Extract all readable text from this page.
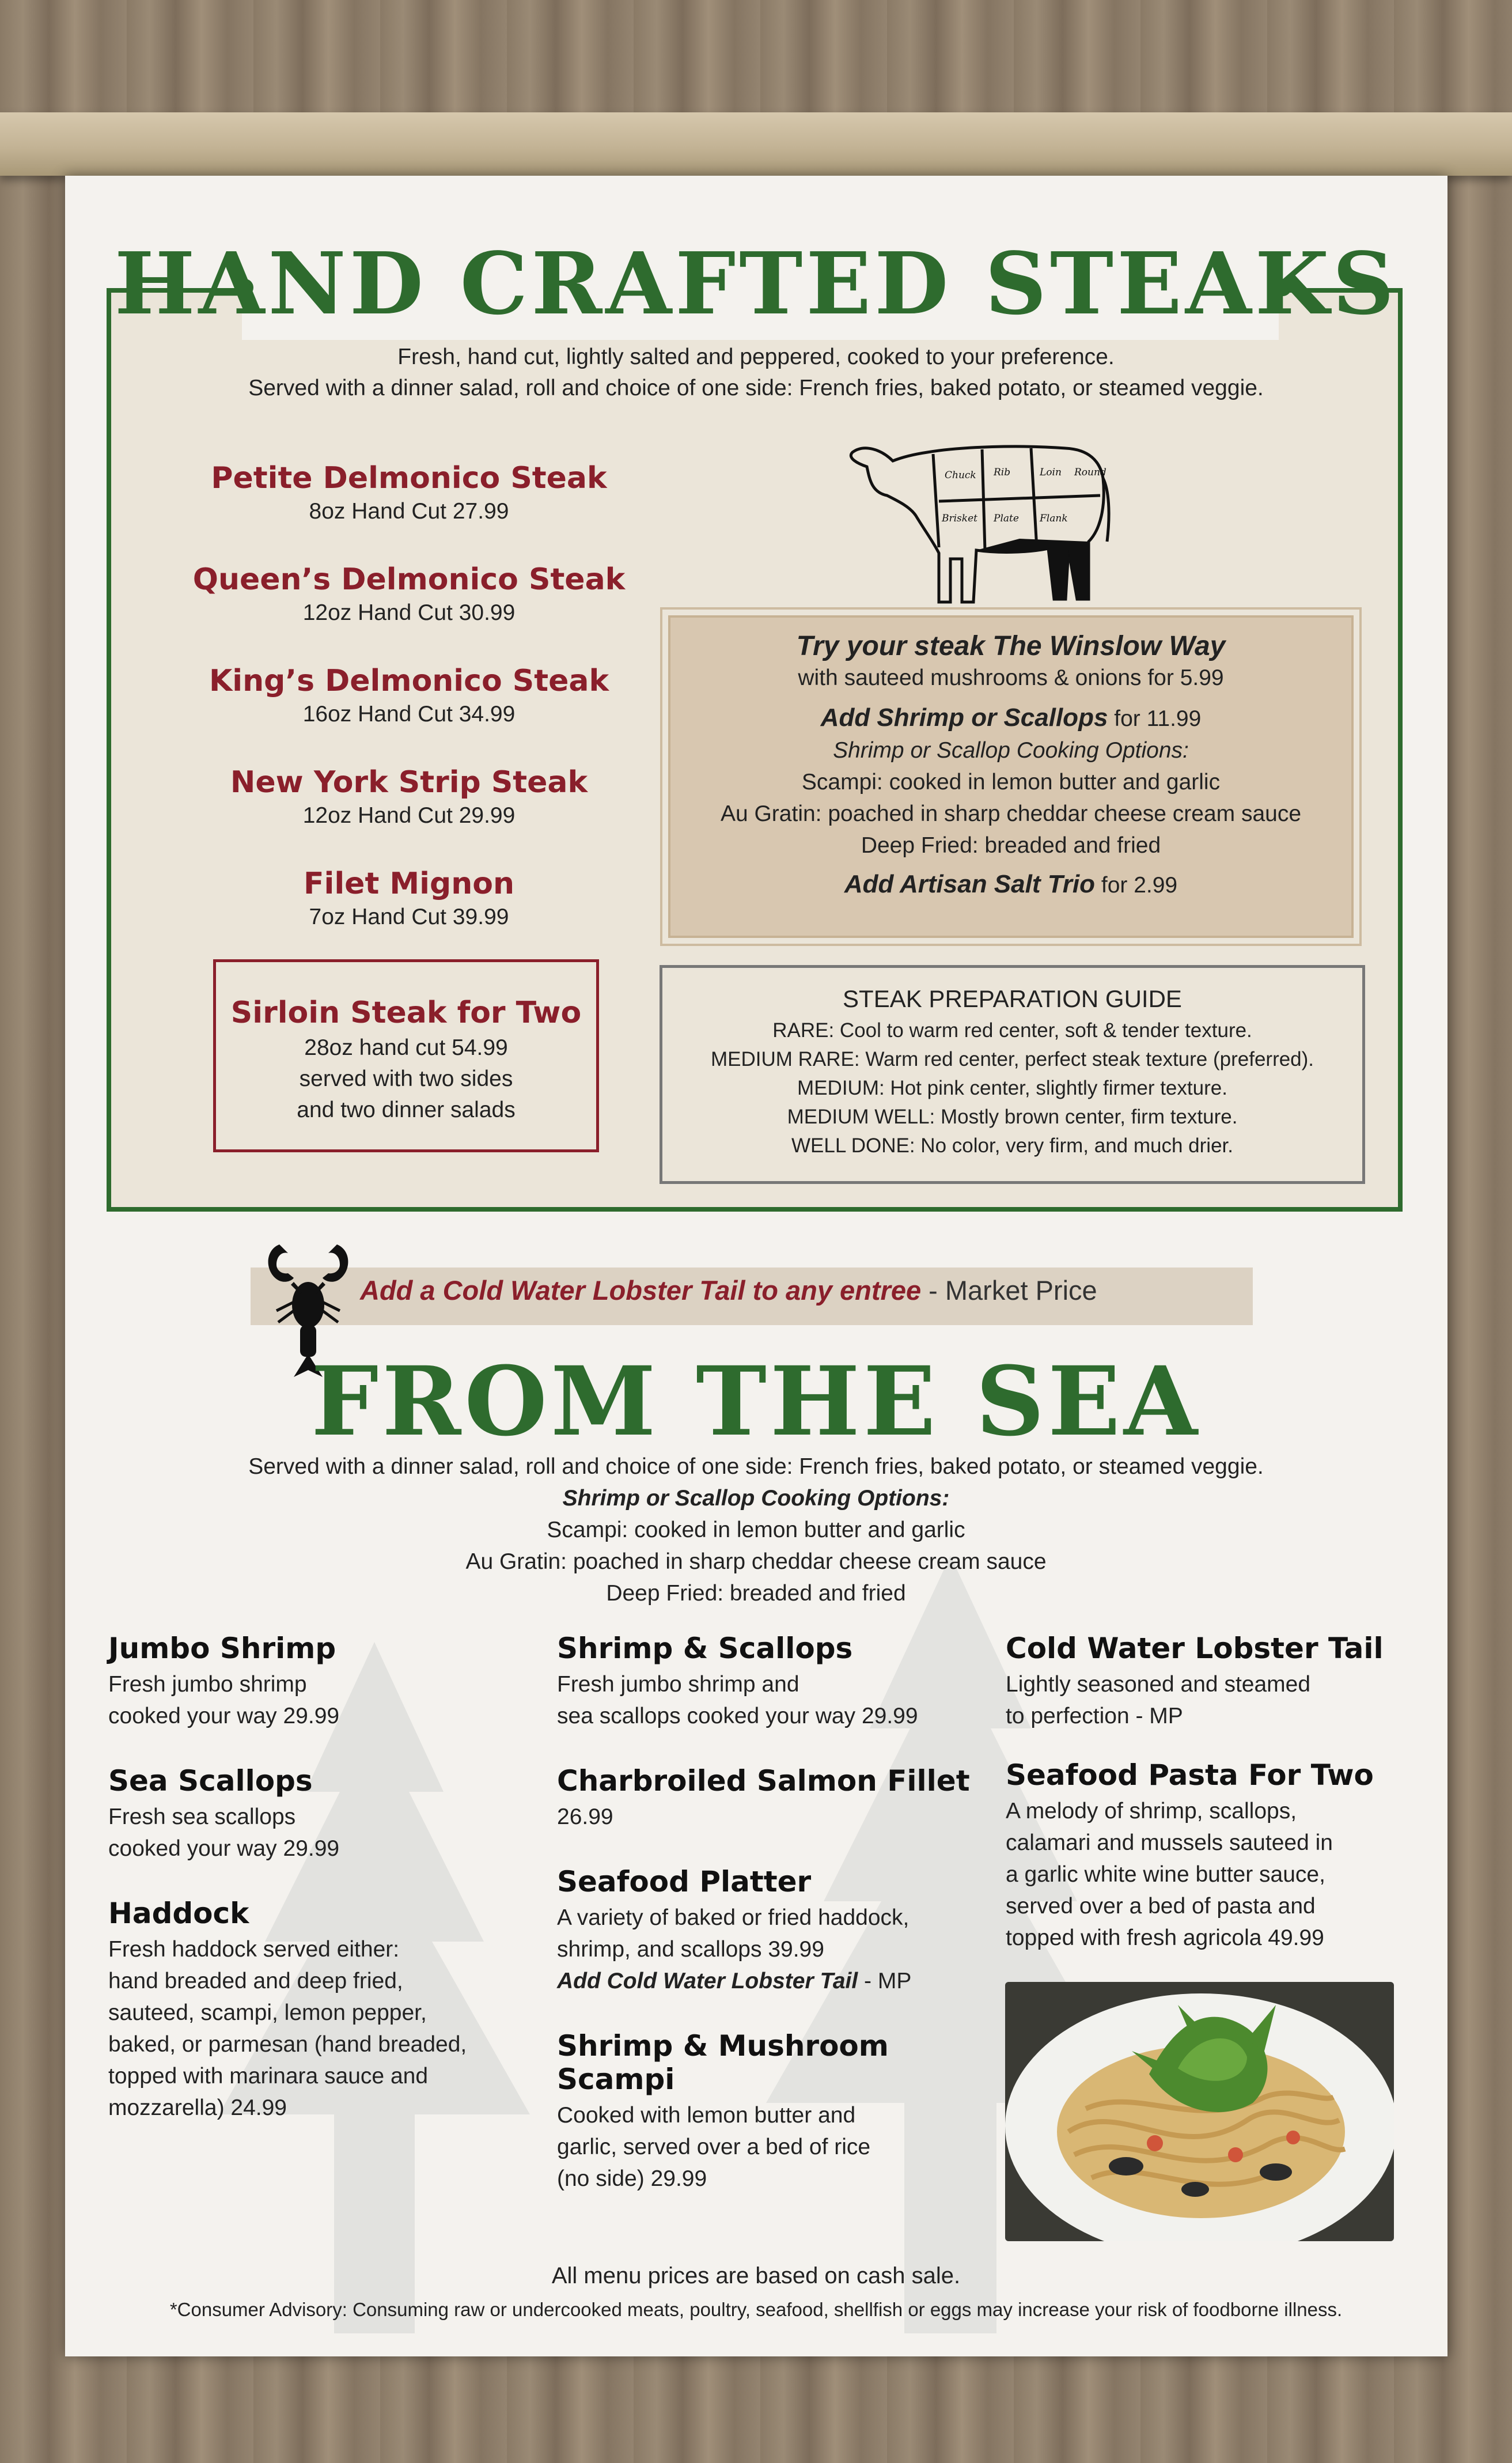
HAND CRAFTED STEAKS
Fresh, hand cut, lightly salted and peppered, cooked to your preference.
Served with a dinner salad, roll and choice of one side: French fries, baked potato, or steamed veggie.
Petite Delmonico Steak
8oz Hand Cut 27.99
Queen’s Delmonico Steak
12oz Hand Cut 30.99
King’s Delmonico Steak
16oz Hand Cut 34.99
New York Strip Steak
12oz Hand Cut 29.99
Filet Mignon
7oz Hand Cut 39.99
Sirloin Steak for Two
28oz hand cut 54.99
served with two sides
and two dinner salads
Chuck Rib	Loin Round
Brisket Plate Flank

Try your steak The Winslow Way

with sauteed mushrooms & onions for 5.99

Add Shrimp or Scallops for 11.99

Shrimp or Scallop Cooking Options:

Scampi: cooked in lemon butter and garlic

Au Gratin: poached in sharp cheddar cheese cream sauce

Deep Fried: breaded and fried

Add Artisan Salt Trio for 2.99

STEAK PREPARATION GUIDE

RARE: Cool to warm red center, soft & tender texture.

MEDIUM RARE: Warm red center, perfect steak texture (preferred).

MEDIUM: Hot pink center, slightly firmer texture.

MEDIUM WELL: Mostly brown center, firm texture.

WELL DONE: No color, very firm, and much drier.

Add a Cold Water Lobster Tail to any entree - Market Price
FROM THE SEA
Served with a dinner salad, roll and choice of one side: French fries, baked potato, or steamed veggie.
Shrimp or Scallop Cooking Options:
Scampi: cooked in lemon butter and garlic
Au Gratin: poached in sharp cheddar cheese cream sauce
Deep Fried: breaded and fried
Jumbo Shrimp
Fresh jumbo shrimp
cooked your way 29.99
Sea Scallops
Fresh sea scallops
cooked your way 29.99
Haddock
Fresh haddock served either:
hand breaded and deep fried,
sauteed, scampi, lemon pepper,
baked, or parmesan (hand breaded,
topped with marinara sauce and
mozzarella) 24.99
Shrimp & Scallops
Fresh jumbo shrimp and
sea scallops cooked your way 29.99
Charbroiled Salmon Fillet
26.99
Seafood Platter
A variety of baked or fried haddock,
shrimp, and scallops 39.99
Add Cold Water Lobster Tail - MP
Shrimp & Mushroom Scampi
Cooked with lemon butter and
garlic, served over a bed of rice
(no side) 29.99
Cold Water Lobster Tail
Lightly seasoned and steamed
to perfection - MP
Seafood Pasta For Two
A melody of shrimp, scallops,
calamari and mussels sauteed in
a garlic white wine butter sauce,
served over a bed of pasta and
topped with fresh agricola 49.99
All menu prices are based on cash sale.
*Consumer Advisory: Consuming raw or undercooked meats, poultry, seafood, shellfish or eggs may increase your risk of foodborne illness.
